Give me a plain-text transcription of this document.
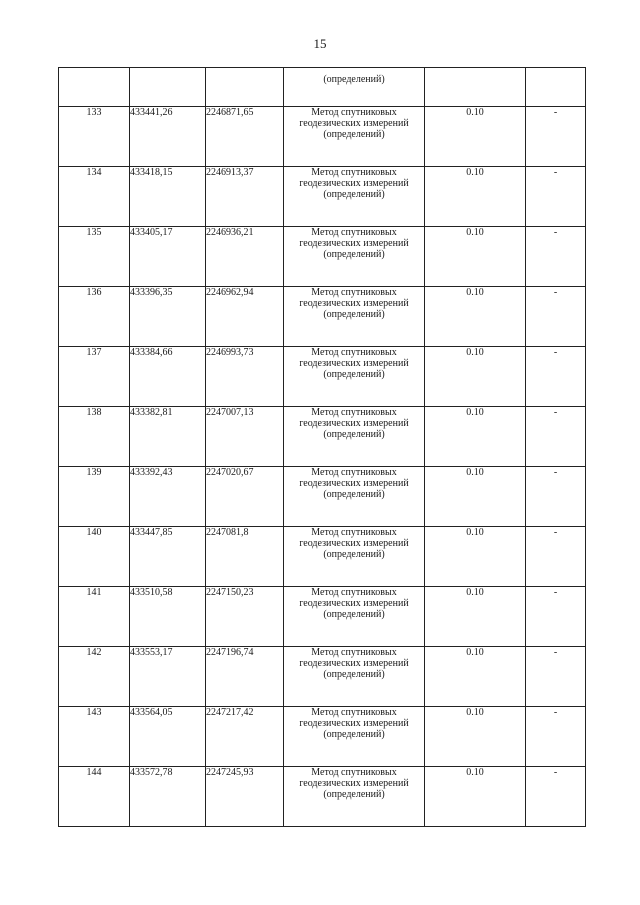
15
			(определений)		
133	433441,26	2246871,65	Метод спутниковых
геодезических измерений
(определений)	0.10	-
134	433418,15	2246913,37	Метод спутниковых
геодезических измерений
(определений)	0.10	-
135	433405,17	2246936,21	Метод спутниковых
геодезических измерений
(определений)	0.10	-
136	433396,35	2246962,94	Метод спутниковых
геодезических измерений
(определений)	0.10	-
137	433384,66	2246993,73	Метод спутниковых
геодезических измерений
(определений)	0.10	-
138	433382,81	2247007,13	Метод спутниковых
геодезических измерений
(определений)	0.10	-
139	433392,43	2247020,67	Метод спутниковых
геодезических измерений
(определений)	0.10	-
140	433447,85	2247081,8	Метод спутниковых
геодезических измерений
(определений)	0.10	-
141	433510,58	2247150,23	Метод спутниковых
геодезических измерений
(определений)	0.10	-
142	433553,17	2247196,74	Метод спутниковых
геодезических измерений
(определений)	0.10	-
143	433564,05	2247217,42	Метод спутниковых
геодезических измерений
(определений)	0.10	-
144	433572,78	2247245,93	Метод спутниковых
геодезических измерений
(определений)	0.10	-
